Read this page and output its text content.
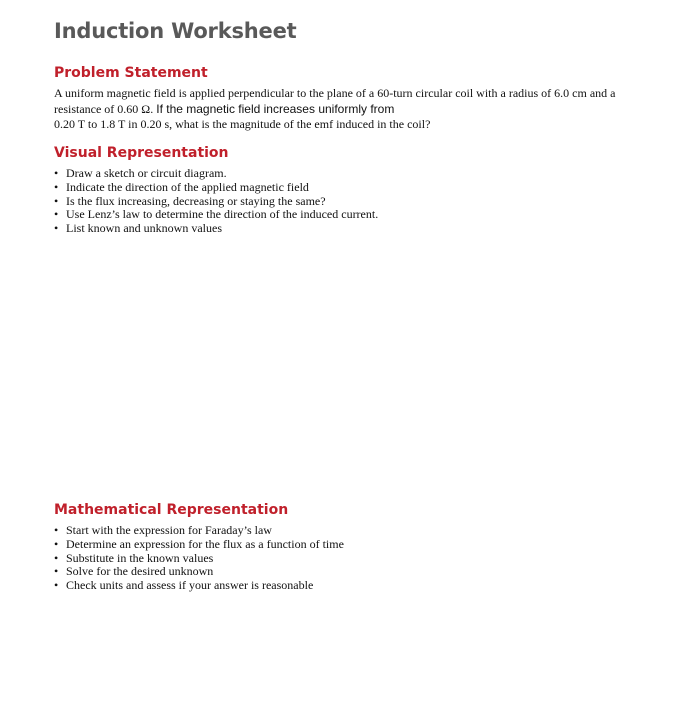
Induction Worksheet
Problem Statement

A uniform magnetic field is applied perpendicular to the plane of a 60-turn circular coil with a radius of 6.0 cm and a
resistance of 0.60 Ω. If the magnetic field increases uniformly from
0.20 T to 1.8 T in 0.20 s, what is the magnitude of the emf induced in the coil?

Visual Representation
• Draw a sketch or circuit diagram.
• Indicate the direction of the applied magnetic field
• Is the flux increasing, decreasing or staying the same?
• Use Lenz’s law to determine the direction of the induced current.
• List known and unknown values
Mathematical Representation
• Start with the expression for Faraday’s law
• Determine an expression for the flux as a function of time
• Substitute in the known values
• Solve for the desired unknown
• Check units and assess if your answer is reasonable
